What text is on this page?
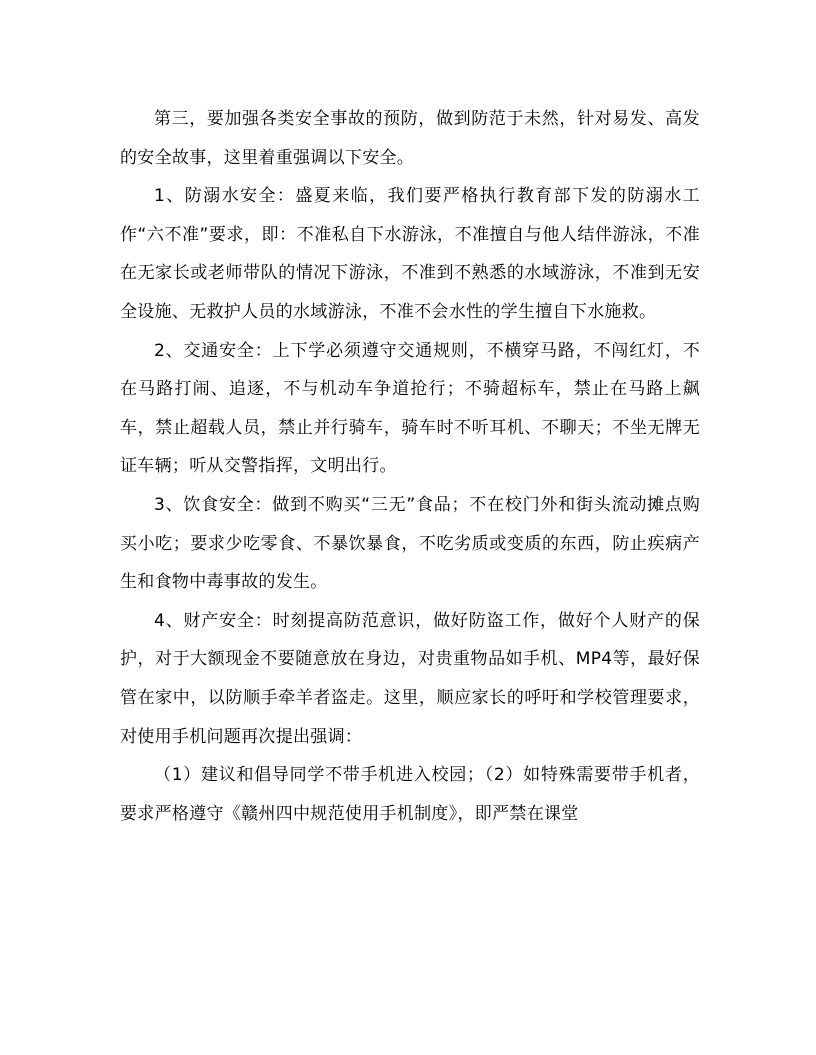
第三，要加强各类安全事故的预防，做到防范于未然，针对易发、高发的安全故事，这里着重强调以下安全。

1、防溺水安全：盛夏来临，我们要严格执行教育部下发的防溺水工作“六不准”要求，即：不准私自下水游泳，不准擅自与他人结伴游泳，不准在无家长或老师带队的情况下游泳，不准到不熟悉的水域游泳，不准到无安全设施、无救护人员的水域游泳，不准不会水性的学生擅自下水施救。

2、交通安全：上下学必须遵守交通规则，不横穿马路，不闯红灯，不在马路打闹、追逐，不与机动车争道抢行；不骑超标车，禁止在马路上飙车，禁止超载人员，禁止并行骑车，骑车时不听耳机、不聊天；不坐无牌无证车辆；听从交警指挥，文明出行。

3、饮食安全：做到不购买“三无”食品；不在校门外和街头流动摊点购买小吃；要求少吃零食、不暴饮暴食，不吃劣质或变质的东西，防止疾病产生和食物中毒事故的发生。

4、财产安全：时刻提高防范意识，做好防盗工作，做好个人财产的保护，对于大额现金不要随意放在身边，对贵重物品如手机、MP4等，最好保管在家中，以防顺手牵羊者盗走。这里，顺应家长的呼吁和学校管理要求， 对使用手机问题再次提出强调：

（1）建议和倡导同学不带手机进入校园；（2）如特殊需要带手机者，要求严格遵守《赣州四中规范使用手机制度》，即严禁在课堂
